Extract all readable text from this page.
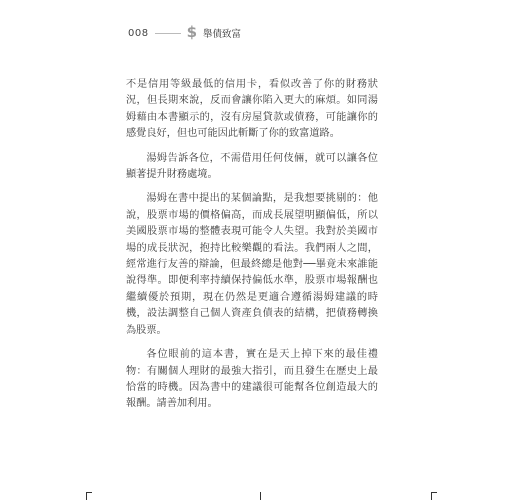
008	$ 舉債致富

不是信用等級最低的信用卡，看似改善了你的財務狀況，但長期來說，反而會讓你陷入更大的麻煩。如同湯姆藉由本書顯示的，沒有房屋貸款或債務，可能讓你的感覺良好，但也可能因此斬斷了你的致富道路。

湯姆告訴各位，不需借用任何伎倆，就可以讓各位顯著提升財務處境。

湯姆在書中提出的某個論點，是我想要挑剔的：他說，股票市場的價格偏高，而成長展望明顯偏低，所以美國股票市場的整體表現可能令人失望。我對於美國市場的成長狀況，抱持比較樂觀的看法。我們兩人之間，經常進行友善的辯論，但最終總是他對──畢竟未來誰能說得準。即便利率持續保持偏低水準，股票市場報酬也繼續優於預期，現在仍然是更適合遵循湯姆建議的時機，設法調整自己個人資產負債表的結構，把債務轉換為股票。

各位眼前的這本書，實在是天上掉下來的最佳禮物：有關個人理財的最強大指引，而且發生在歷史上最恰當的時機。因為書中的建議很可能幫各位創造最大的報酬。請善加利用。
